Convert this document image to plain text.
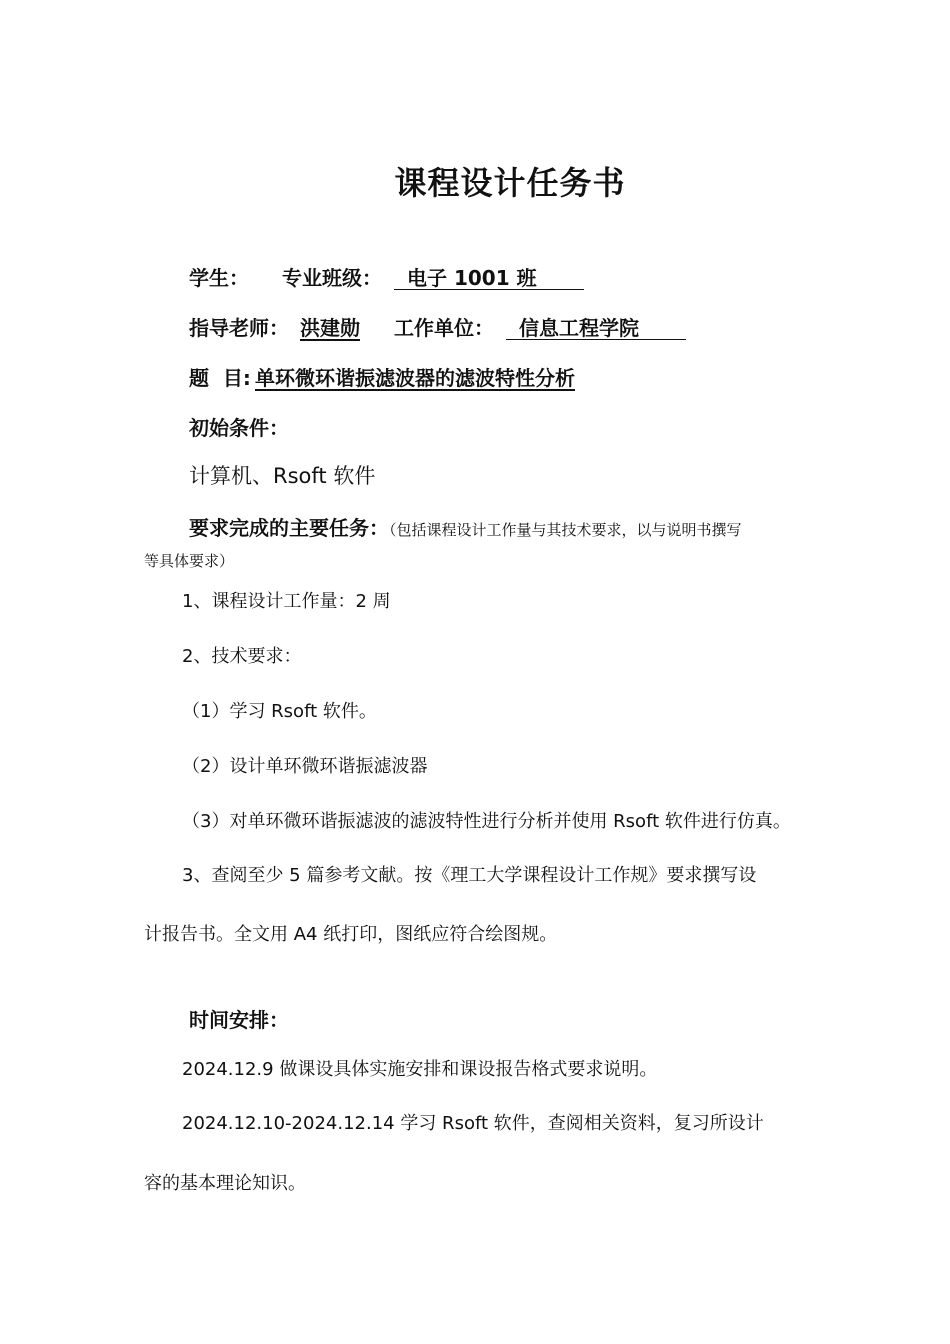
课程设计任务书
学生： 专业班级： 电子 1001 班
指导老师： 洪建勋 工作单位： 信息工程学院
题  目: 单环微环谐振滤波器的滤波特性分析
初始条件：
计算机、Rsoft 软件
要求完成的主要任务：（包括课程设计工作量与其技术要求，以与说明书撰写
等具体要求）
1、课程设计工作量：2 周
2、技术要求：
（1）学习 Rsoft 软件。
（2）设计单环微环谐振滤波器
（3）对单环微环谐振滤波的滤波特性进行分析并使用 Rsoft 软件进行仿真。
3、查阅至少 5 篇参考文献。按《理工大学课程设计工作规》要求撰写设
计报告书。全文用 A4 纸打印，图纸应符合绘图规。
时间安排：
2024.12.9 做课设具体实施安排和课设报告格式要求说明。
2024.12.10-2024.12.14 学习 Rsoft 软件，查阅相关资料，复习所设计
容的基本理论知识。
